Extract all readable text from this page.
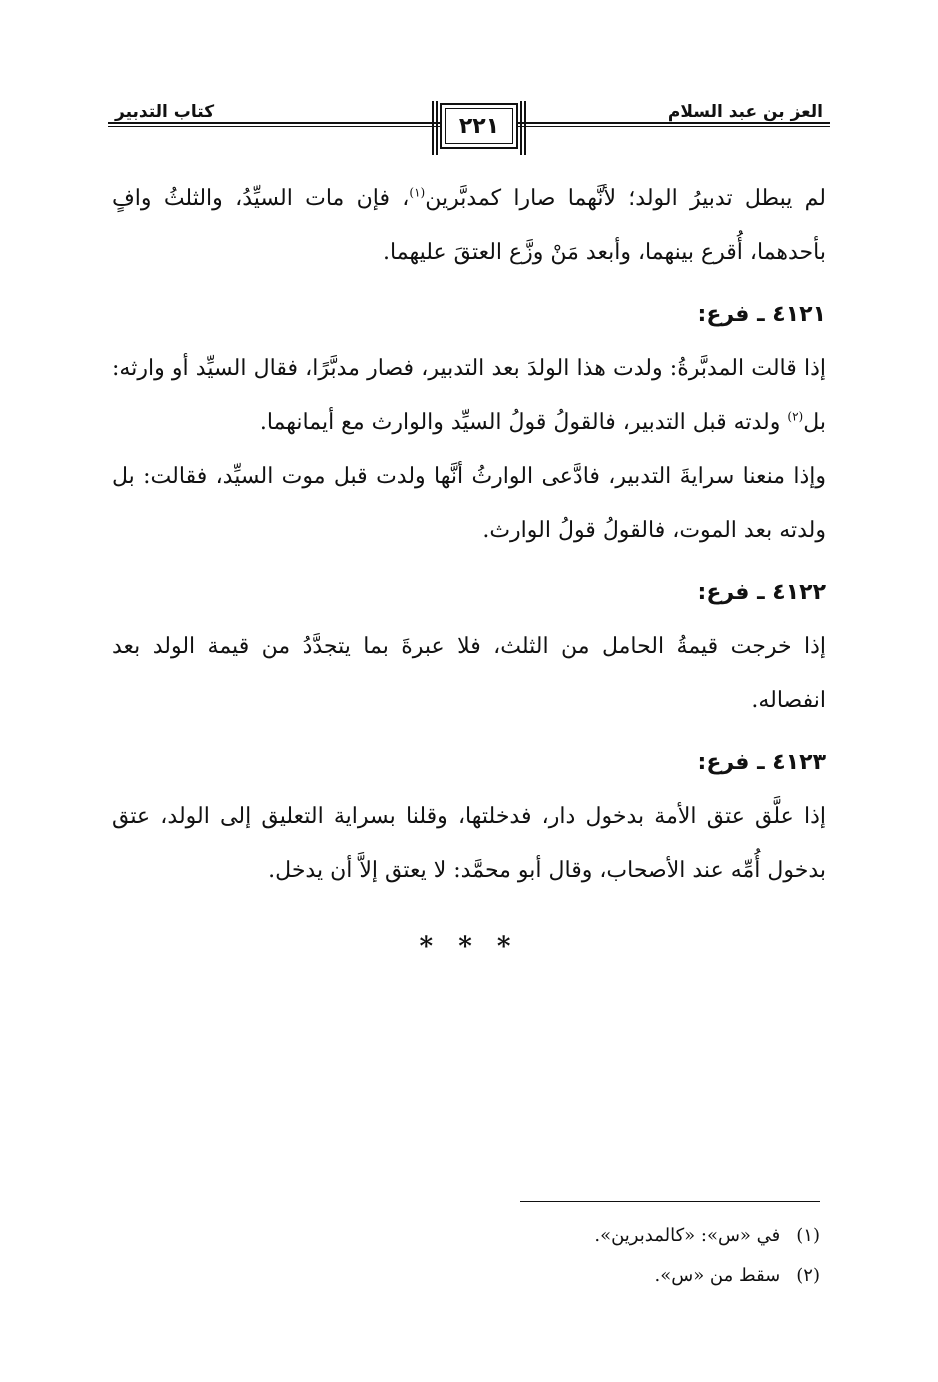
العز بن عبد السلام
كتاب التدبير
٢٢١

لم يبطل تدبيرُ الولد؛ لأنَّهما صارا كمدبَّرين$^{(١)}$، فإن مات السيِّدُ، والثلثُ وافٍ بأحدهما، أُقرع بينهما، وأبعد مَنْ وزَّع العتقَ عليهما.

٤١٢١ ـ فرع:

إذا قالت المدبَّرةُ: ولدت هذا الولدَ بعد التدبير، فصار مدبَّرًا، فقال السيِّد أو وارثه: بل$^{(٢)}$ ولدته قبل التدبير، فالقولُ قولُ السيِّد والوارث مع أيمانهما.

وإذا منعنا سرايةَ التدبير، فادَّعى الوارثُ أنَّها ولدت قبل موت السيِّد، فقالت: بل ولدته بعد الموت، فالقولُ قولُ الوارث.

٤١٢٢ ـ فرع:

إذا خرجت قيمةُ الحامل من الثلث، فلا عبرةَ بما يتجدَّدُ من قيمة الولد بعد انفصاله.

٤١٢٣ ـ فرع:

إذا علَّق عتق الأمة بدخول دار، فدخلتها، وقلنا بسراية التعليق إلى الولد، عتق بدخول أُمِّه عند الأصحاب، وقال أبو محمَّد: لا يعتق إلاَّ أن يدخل.

* * *
(١) في «س»: «كالمدبرين».
(٢) سقط من «س».
